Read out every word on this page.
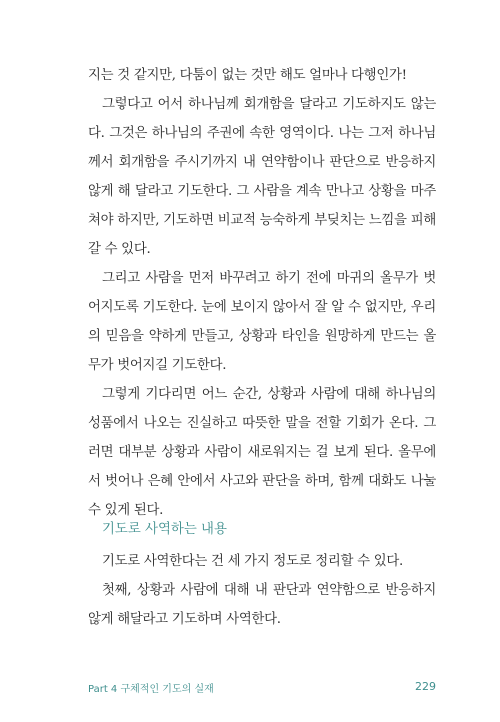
지는 것 같지만, 다툼이 없는 것만 해도 얼마나 다행인가!

그렇다고 어서 하나님께 회개함을 달라고 기도하지도 않는다. 그것은 하나님의 주권에 속한 영역이다. 나는 그저 하나님께서 회개함을 주시기까지 내 연약함이나 판단으로 반응하지 않게 해 달라고 기도한다. 그 사람을 계속 만나고 상황을 마주쳐야 하지만, 기도하면 비교적 능숙하게 부딪치는 느낌을 피해갈 수 있다.

그리고 사람을 먼저 바꾸려고 하기 전에 마귀의 올무가 벗어지도록 기도한다. 눈에 보이지 않아서 잘 알 수 없지만, 우리의 믿음을 약하게 만들고, 상황과 타인을 원망하게 만드는 올무가 벗어지길 기도한다.

그렇게 기다리면 어느 순간, 상황과 사람에 대해 하나님의 성품에서 나오는 진실하고 따뜻한 말을 전할 기회가 온다. 그러면 대부분 상황과 사람이 새로워지는 걸 보게 된다. 올무에서 벗어나 은혜 안에서 사고와 판단을 하며, 함께 대화도 나눌 수 있게 된다.

기도로 사역하는 내용

기도로 사역한다는 건 세 가지 정도로 정리할 수 있다.

첫째, 상황과 사람에 대해 내 판단과 연약함으로 반응하지 않게 해달라고 기도하며 사역한다.

Part 4 구체적인 기도의 실재	229
